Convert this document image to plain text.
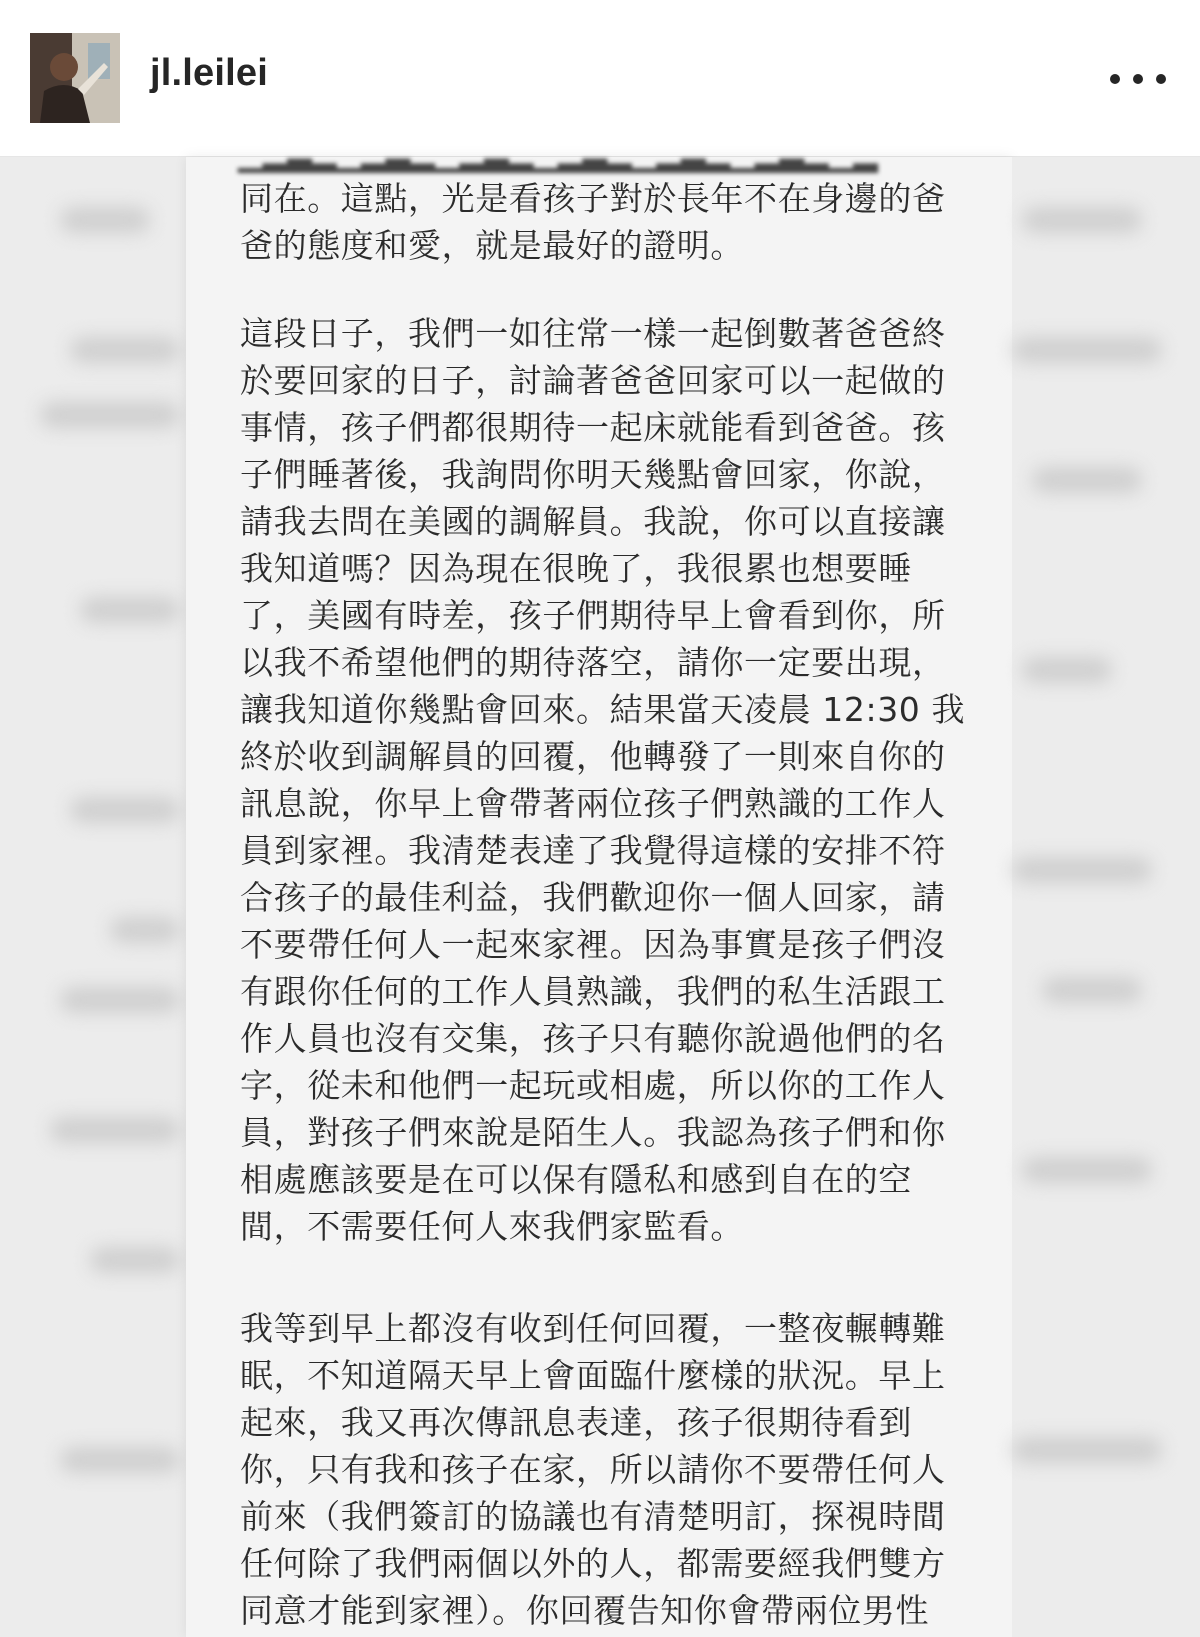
jl.leilei
▁▂▃▂▁▂▃▂▁▂▃▂▁▂▃▂▁▂▃▂▁▂▃▂▁▂

同在。這點，光是看孩子對於長年不在身邊的爸
爸的態度和愛，就是最好的證明。

這段日子，我們一如往常一樣一起倒數著爸爸終
於要回家的日子，討論著爸爸回家可以一起做的
事情，孩子們都很期待一起床就能看到爸爸。孩
子們睡著後，我詢問你明天幾點會回家，你說，
請我去問在美國的調解員。我說，你可以直接讓
我知道嗎？因為現在很晚了，我很累也想要睡
了，美國有時差，孩子們期待早上會看到你，所
以我不希望他們的期待落空，請你一定要出現，
讓我知道你幾點會回來。結果當天凌晨 12:30 我
終於收到調解員的回覆，他轉發了一則來自你的
訊息說，你早上會帶著兩位孩子們熟識的工作人
員到家裡。我清楚表達了我覺得這樣的安排不符
合孩子的最佳利益，我們歡迎你一個人回家，請
不要帶任何人一起來家裡。因為事實是孩子們沒
有跟你任何的工作人員熟識，我們的私生活跟工
作人員也沒有交集，孩子只有聽你說過他們的名
字，從未和他們一起玩或相處，所以你的工作人
員，對孩子們來說是陌生人。我認為孩子們和你
相處應該要是在可以保有隱私和感到自在的空
間，不需要任何人來我們家監看。

我等到早上都沒有收到任何回覆，一整夜輾轉難
眠，不知道隔天早上會面臨什麼樣的狀況。早上
起來，我又再次傳訊息表達，孩子很期待看到
你，只有我和孩子在家，所以請你不要帶任何人
前來（我們簽訂的協議也有清楚明訂，探視時間
任何除了我們兩個以外的人，都需要經我們雙方
同意才能到家裡）。你回覆告知你會帶兩位男性
